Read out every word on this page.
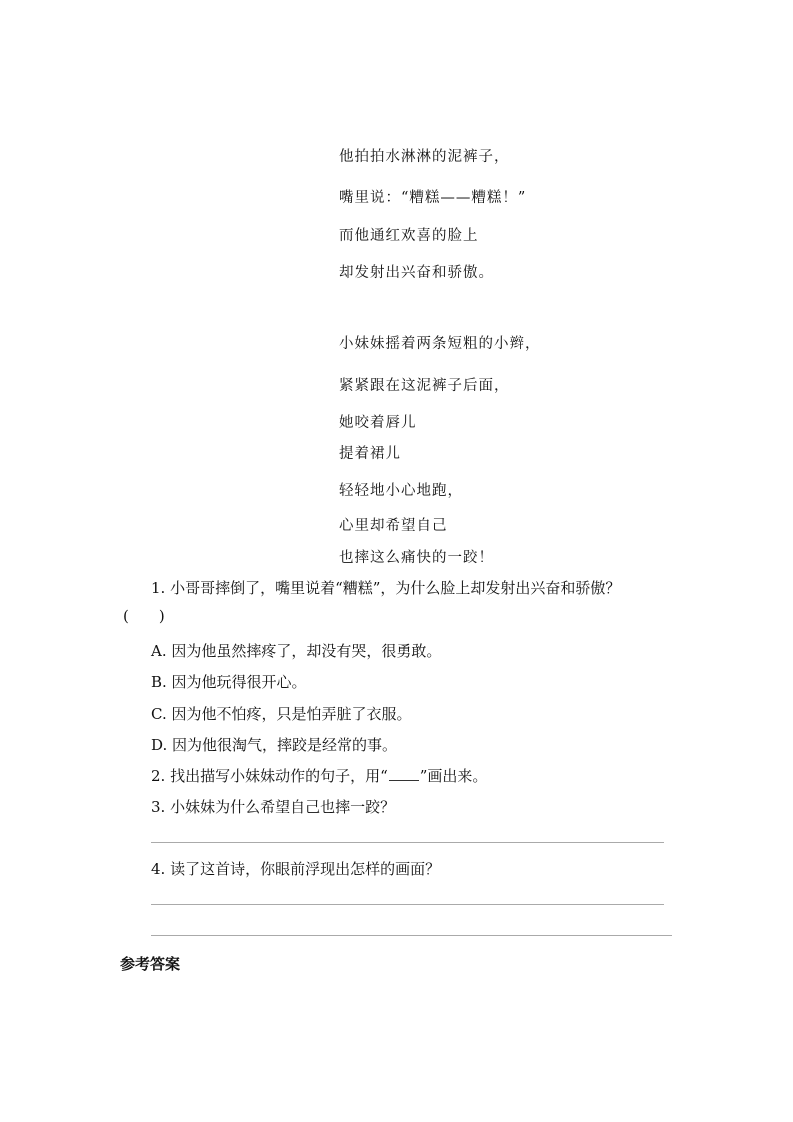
他拍拍水淋淋的泥裤子，
嘴里说：“糟糕——糟糕！”
而他通红欢喜的脸上
却发射出兴奋和骄傲。
小妹妹摇着两条短粗的小辫，
紧紧跟在这泥裤子后面，
她咬着唇儿
提着裙儿
轻轻地小心地跑，
心里却希望自己
也摔这么痛快的一跤！
1. 小哥哥摔倒了，嘴里说着“糟糕”，为什么脸上却发射出兴奋和骄傲？
(　　)
A. 因为他虽然摔疼了，却没有哭，很勇敢。
B. 因为他玩得很开心。
C. 因为他不怕疼，只是怕弄脏了衣服。
D. 因为他很淘气，摔跤是经常的事。
2. 找出描写小妹妹动作的句子，用“ ”画出来。
3. 小妹妹为什么希望自己也摔一跤？
4. 读了这首诗，你眼前浮现出怎样的画面？
参考答案
